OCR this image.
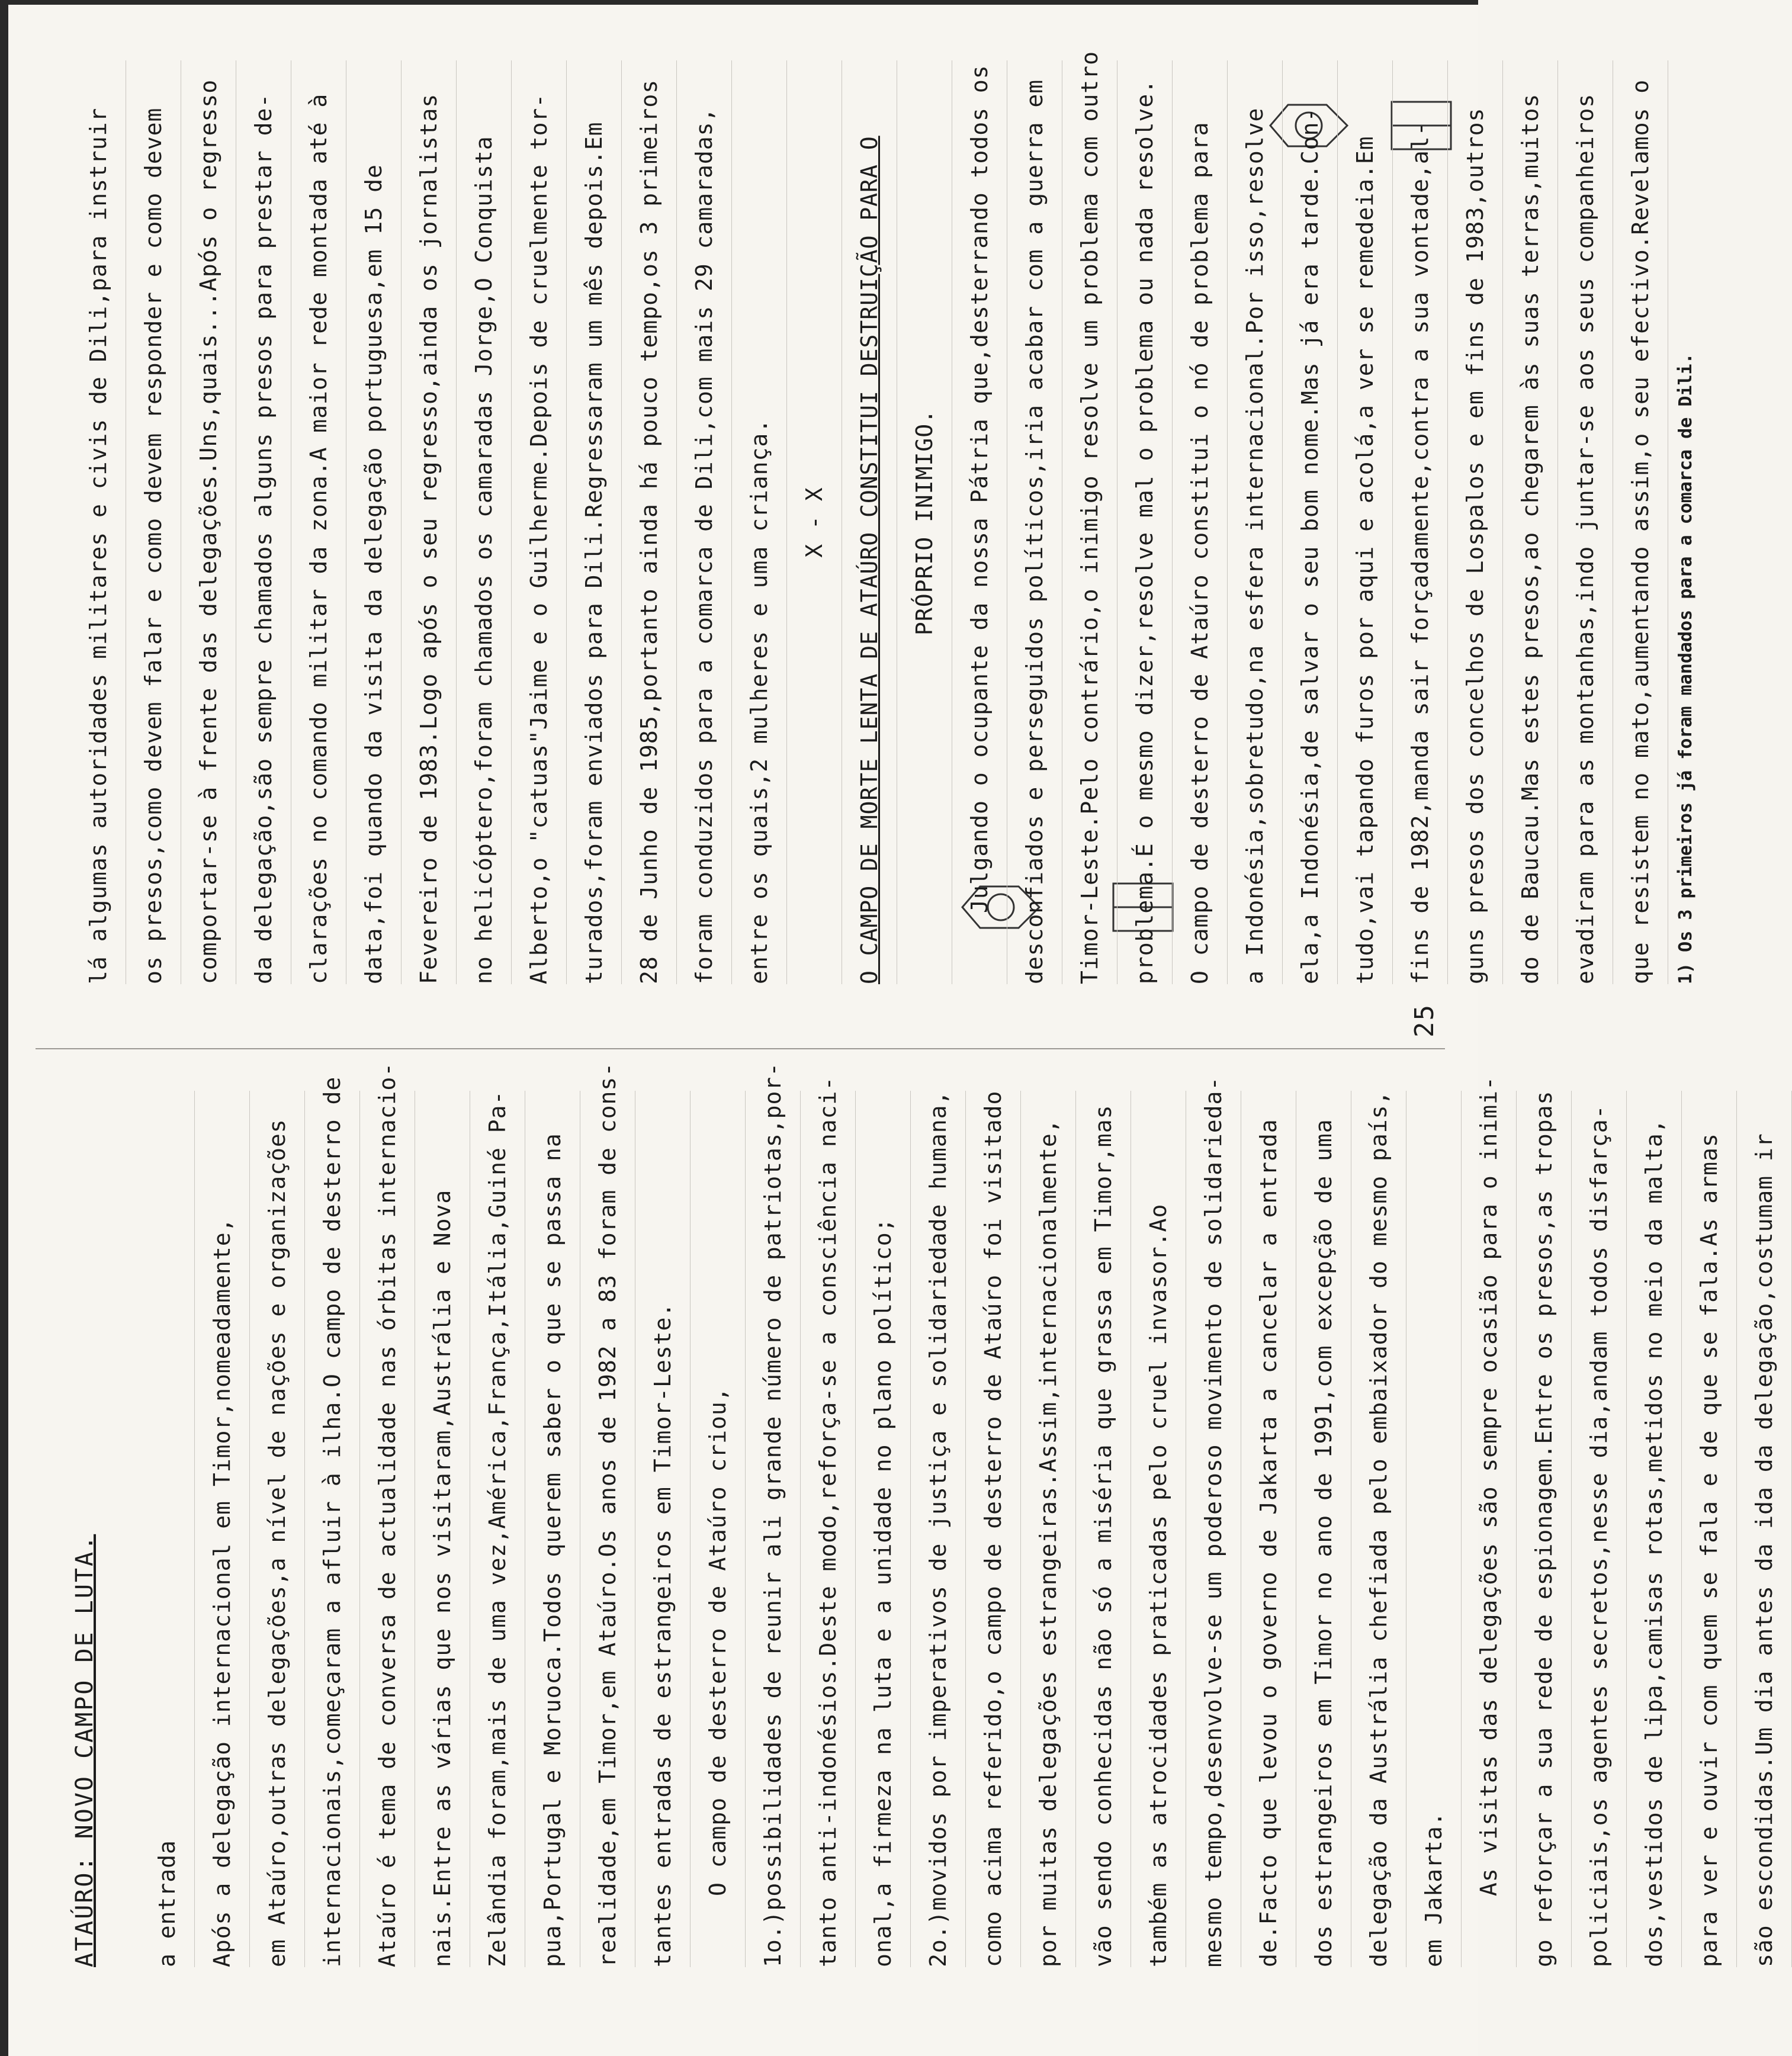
25
ATAÚRO: NOVO CAMPO DE LUTA.	a entrada	Após a delegação internacional em Timor,nomeadamente,	em Ataúro,outras delegações,a nível de nações e organizações	internacionais,começaram a afluir à ilha.O campo de desterro de	Ataúro é tema de conversa de actualidade nas órbitas internacio-	nais.Entre as várias que nos visitaram,Austrália e Nova	Zelândia foram,mais de uma vez,América,França,Itália,Guiné Pa-	pua,Portugal e Moruoca.Todos querem saber o que se passa na	realidade,em Timor,em Ataúro.Os anos de 1982 a 83 foram de cons-	tantes entradas de estrangeiros em Timor-Leste.	O campo de desterro de Ataúro criou,	1o.)possibilidades de reunir ali grande número de patriotas,por-	tanto anti-indonésios.Deste modo,reforça-se a consciência naci-	onal,a firmeza na luta e a unidade no plano político;	2o.)movidos por imperativos de justiça e solidariedade humana,	como acima referido,o campo de desterro de Ataúro foi visitado	por muitas delegações estrangeiras.Assim,internacionalmente,	vão sendo conhecidas não só a miséria que grassa em Timor,mas	também as atrocidades praticadas pelo cruel invasor.Ao	mesmo tempo,desenvolve-se um poderoso movimento de solidarieda-	de.Facto que levou o governo de Jakarta a cancelar a entrada	dos estrangeiros em Timor no ano de 1991,com excepção de uma	delegação da Austrália chefiada pelo embaixador do mesmo país,	em Jakarta.	As visitas das delegações são sempre ocasião para o inimi-	go reforçar a sua rede de espionagem.Entre os presos,as tropas	policiais,os agentes secretos,nesse dia,andam todos disfarça-	dos,vestidos de lipa,camisas rotas,metidos no meio da malta,	para ver e ouvir com quem se fala e de que se fala.As armas	são escondidas.Um dia antes da ida da delegação,costumam ir
lá algumas autoridades militares e civis de Dili,para instruir	os presos,como devem falar e como devem responder e como devem	comportar-se à frente das delegações.Uns,quais...Após o regresso	da delegação,são sempre chamados alguns presos para prestar de-	clarações no comando militar da zona.A maior rede montada até à	data,foi quando da visita da delegação portuguesa,em 15 de	Fevereiro de 1983.Logo após o seu regresso,ainda os jornalistas	no helicóptero,foram chamados os camaradas Jorge,O Conquista	Alberto,o "catuas"Jaime e o Guilherme.Depois de cruelmente tor-	turados,foram enviados para Dili.Regressaram um mês depois.Em	28 de Junho de 1985,portanto ainda há pouco tempo,os 3 primeiros	foram conduzidos para a comarca de Dili,com mais 29 camaradas,	entre os quais,2 mulheres e uma criança.	X - X	O CAMPO DE MORTE LENTA DE ATAÚRO CONSTITUI DESTRUIÇÃO PARA O	PRÓPRIO INIMIGO.	Julgando o ocupante da nossa Pátria que,desterrando todos os	desconfiados e perseguidos políticos,iria acabar com a guerra em	Timor-Leste.Pelo contrário,o inimigo resolve um problema com outro	problema.É o mesmo dizer,resolve mal o problema ou nada resolve.	O campo de desterro de Ataúro constitui o nó de problema para	a Indonésia,sobretudo,na esfera internacional.Por isso,resolve	ela,a Indonésia,de salvar o seu bom nome.Mas já era tarde.Con-	tudo,vai tapando furos por aqui e acolá,a ver se remedeia.Em	fins de 1982,manda sair forçadamente,contra a sua vontade,al-	guns presos dos concelhos de Lospalos e em fins de 1983,outros	do de Baucau.Mas estes presos,ao chegarem às suas terras,muitos	evadiram para as montanhas,indo juntar-se aos seus companheiros	que resistem no mato,aumentando assim,o seu efectivo.Revelamos o	1) Os 3 primeiros já foram mandados para a comarca de Dili.
